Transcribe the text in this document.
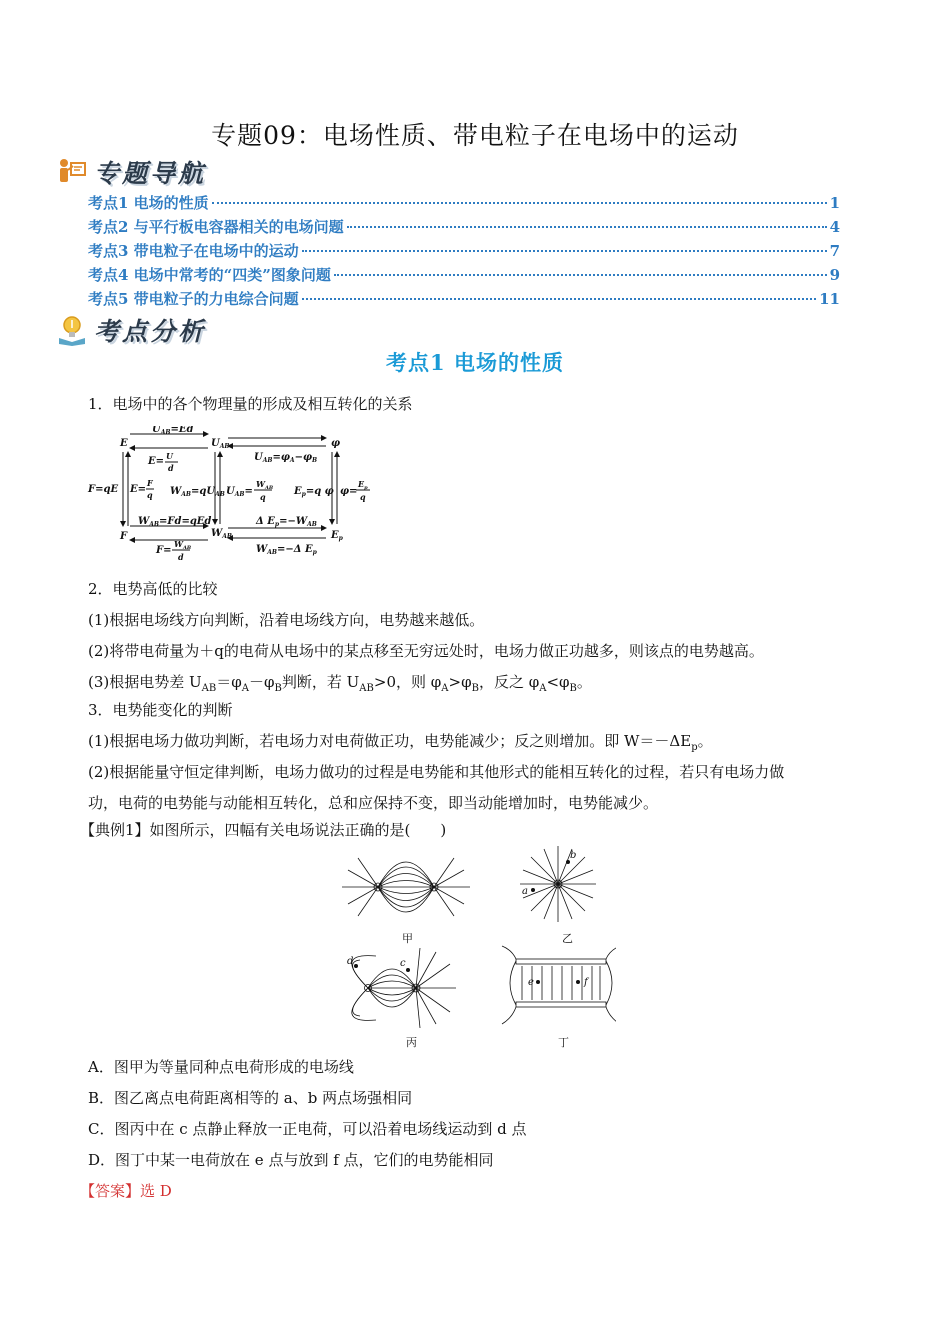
专题09：电场性质、带电粒子在电场中的运动
专题导航
考点1 电场的性质	1
考点2 与平行板电容器相关的电场问题	4
考点3 带电粒子在电场中的运动	7
考点4 电场中常考的“四类”图象问题	9
考点5 带电粒子的力电综合问题	11
考点分析
考点1 电场的性质
1．电场中的各个物理量的形成及相互转化的关系
E	$U_{AB}$	φ
F	$W_{AB}$	$E_p$
$U_{AB}=Ed$
E= U
d
$U_{AB}=\varphi_A-\varphi_B$
F=qE E=
F
q $W_{AB}=qU_{AB}$ $U_{AB}=$
$W_{AB}$
q	$E_p=q$ φ φ=
$E_p$
q
$W_{AB}=Fd=qEd$
F=
$W_{AB}$
d
Δ $E_p=-W_{AB}$
$W_{AB}=-\Delta$ $E_p$
2．电势高低的比较
(1)根据电场线方向判断，沿着电场线方向，电势越来越低。
(2)将带电荷量为＋q的电荷从电场中的某点移至无穷远处时，电场力做正功越多，则该点的电势越高。
(3)根据电势差 $U_{AB}=\varphi_A-\varphi_B$判断，若 $U_{AB}>0$，则 $\varphi_A>\varphi_B$，反之 $\varphi_A<\varphi_B$。
3．电势能变化的判断
(1)根据电场力做功判断，若电场力对电荷做正功，电势能减少；反之则增加。即 $W=-\Delta E_p$。
(2)根据能量守恒定律判断，电场力做功的过程是电势能和其他形式的能相互转化的过程，若只有电场力做
功，电荷的电势能与动能相互转化，总和应保持不变，即当动能增加时，电势能减少。
【典例1】如图所示，四幅有关电场说法正确的是(　　)
甲
b
a
乙
d	c
丙
e	f
丁
A．图甲为等量同种点电荷形成的电场线
B．图乙离点电荷距离相等的 a、b 两点场强相同
C．图丙中在 c 点静止释放一正电荷，可以沿着电场线运动到 d 点
D．图丁中某一电荷放在 e 点与放到 f 点，它们的电势能相同
【答案】选 D
